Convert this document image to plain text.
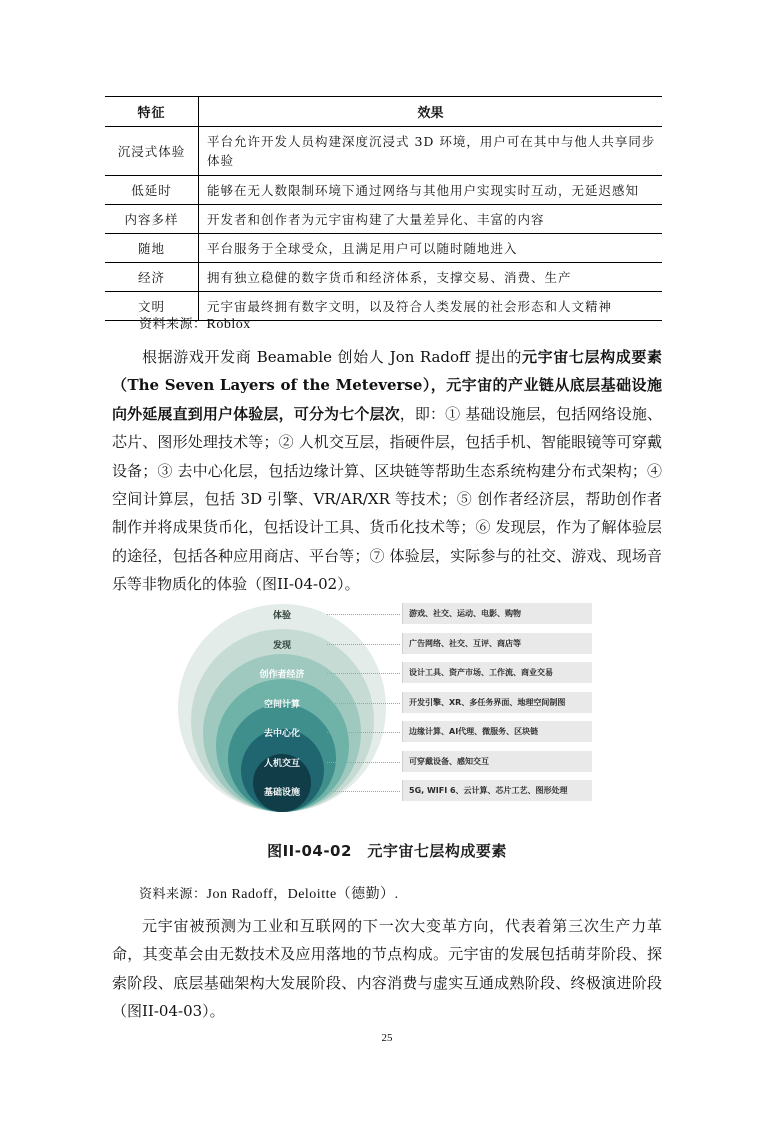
特征	效果
沉浸式体验	平台允许开发人员构建深度沉浸式 3D 环境，用户可在其中与他人共享同步体验
低延时	能够在无人数限制环境下通过网络与其他用户实现实时互动，无延迟感知
内容多样	开发者和创作者为元宇宙构建了大量差异化、丰富的内容
随地	平台服务于全球受众，且满足用户可以随时随地进入
经济	拥有独立稳健的数字货币和经济体系，支撑交易、消费、生产
文明	元宇宙最终拥有数字文明，以及符合人类发展的社会形态和人文精神
资料来源：Roblox

根据游戏开发商 Beamable 创始人 Jon Radoff 提出的元宇宙七层构成要素（The Seven Layers of the Meteverse），元宇宙的产业链从底层基础设施向外延展直到用户体验层，可分为七个层次，即：① 基础设施层，包括网络设施、芯片、图形处理技术等；② 人机交互层，指硬件层，包括手机、智能眼镜等可穿戴设备；③ 去中心化层，包括边缘计算、区块链等帮助生态系统构建分布式架构；④ 空间计算层，包括 3D 引擎、VR/AR/XR 等技术；⑤ 创作者经济层，帮助创作者制作并将成果货币化，包括设计工具、货币化技术等；⑥ 发现层，作为了解体验层的途径，包括各种应用商店、平台等；⑦ 体验层，实际参与的社交、游戏、现场音乐等非物质化的体验（图II-04-02）。

体验
发现
创作者经济
空间计算
去中心化
人机交互
基础设施
游戏、社交、运动、电影、购物
广告网络、社交、互评、商店等
设计工具、资产市场、工作流、商业交易
开发引擎、XR、多任务界面、地理空间制图
边缘计算、AI代理、微服务、区块链
可穿戴设备、感知交互
5G, WIFI 6、云计算、芯片工艺、图形处理
图II-04-02　元宇宙七层构成要素
资料来源：Jon Radoff，Deloitte（德勤）.

元宇宙被预测为工业和互联网的下一次大变革方向，代表着第三次生产力革命，其变革会由无数技术及应用落地的节点构成。元宇宙的发展包括萌芽阶段、探索阶段、底层基础架构大发展阶段、内容消费与虚实互通成熟阶段、终极演进阶段（图II-04-03）。

25
